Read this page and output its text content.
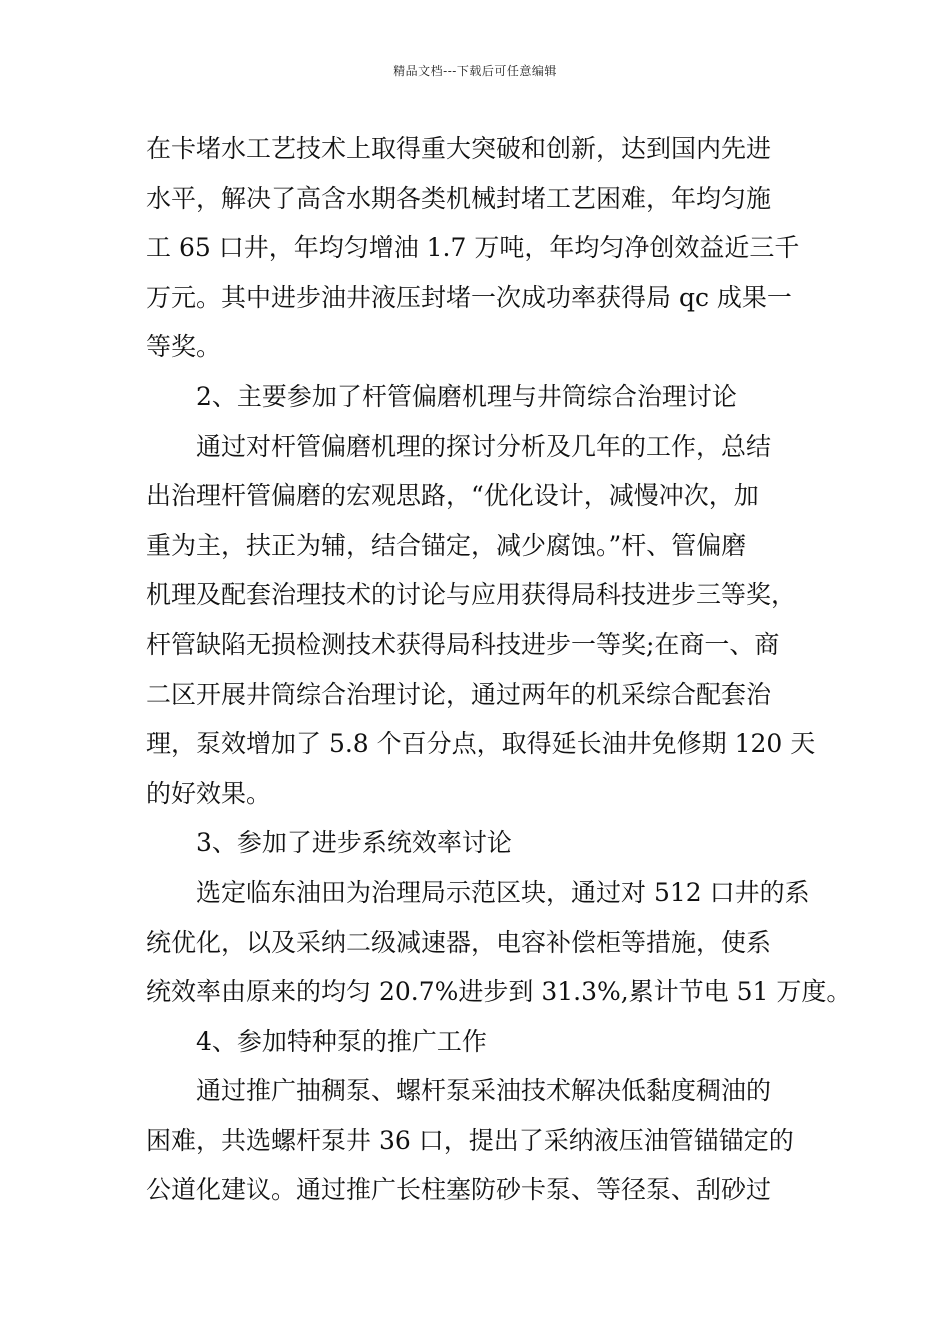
精品文档---下载后可任意编辑
在卡堵水工艺技术上取得重大突破和创新，达到国内先进
水平，解决了高含水期各类机械封堵工艺困难，年均匀施
工 65 口井，年均匀增油 1.7 万吨，年均匀净创效益近三千
万元。其中进步油井液压封堵一次成功率获得局 qc 成果一
等奖。
2、主要参加了杆管偏磨机理与井筒综合治理讨论
通过对杆管偏磨机理的探讨分析及几年的工作，总结
出治理杆管偏磨的宏观思路，“优化设计，减慢冲次，加
重为主，扶正为辅，结合锚定，减少腐蚀。”杆、管偏磨
机理及配套治理技术的讨论与应用获得局科技进步三等奖，
杆管缺陷无损检测技术获得局科技进步一等奖;在商一、商
二区开展井筒综合治理讨论，通过两年的机采综合配套治
理，泵效增加了 5.8 个百分点，取得延长油井免修期 120 天
的好效果。
3、参加了进步系统效率讨论
选定临东油田为治理局示范区块，通过对 512 口井的系
统优化，以及采纳二级减速器，电容补偿柜等措施，使系
统效率由原来的均匀 20.7%进步到 31.3%,累计节电 51 万度。
4、参加特种泵的推广工作
通过推广抽稠泵、螺杆泵采油技术解决低黏度稠油的
困难，共选螺杆泵井 36 口，提出了采纳液压油管锚锚定的
公道化建议。通过推广长柱塞防砂卡泵、等径泵、刮砂过
